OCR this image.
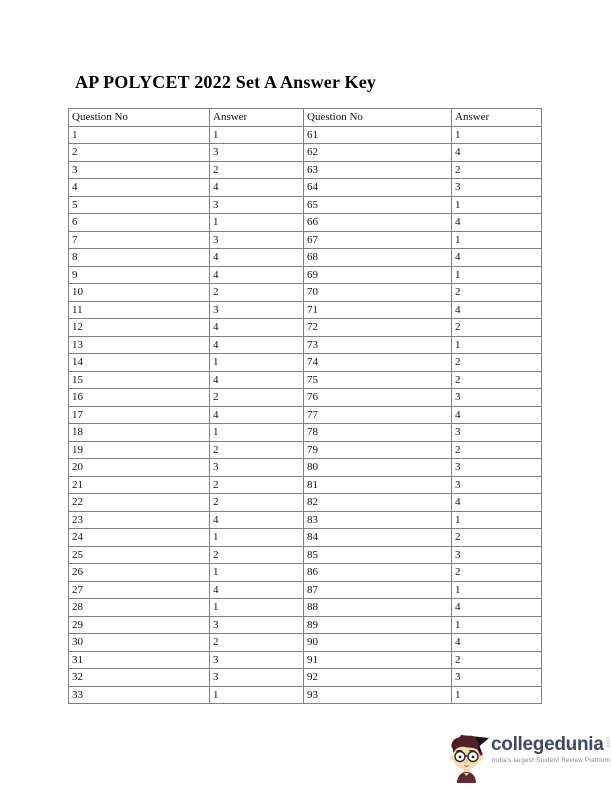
AP POLYCET 2022 Set A Answer Key
Question No	Answer	Question No	Answer
1	1	61	1
2	3	62	4
3	2	63	2
4	4	64	3
5	3	65	1
6	1	66	4
7	3	67	1
8	4	68	4
9	4	69	1
10	2	70	2
11	3	71	4
12	4	72	2
13	4	73	1
14	1	74	2
15	4	75	2
16	2	76	3
17	4	77	4
18	1	78	3
19	2	79	2
20	3	80	3
21	2	81	3
22	2	82	4
23	4	83	1
24	1	84	2
25	2	85	3
26	1	86	2
27	4	87	1
28	1	88	4
29	3	89	1
30	2	90	4
31	3	91	2
32	3	92	3
33	1	93	1
collegeduniacom
India's largest Student Review Platform
